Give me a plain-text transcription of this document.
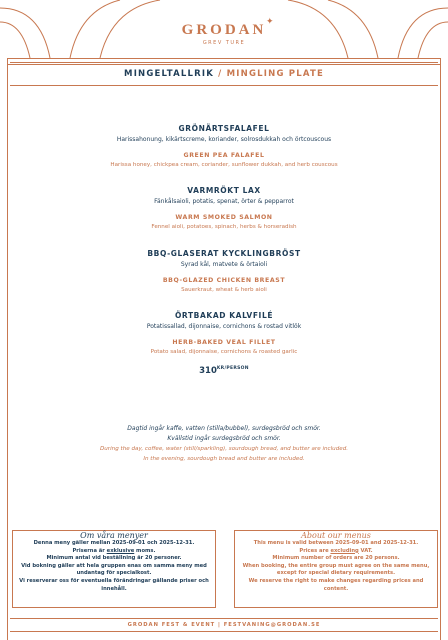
GRODAN ✦
GREV TURE
MINGELTALLRIK / MINGLING PLATE
GRÖNÄRTSFALAFEL
Harissahonung, kikärtscreme, koriander, solrosdukkah och örtcouscous
GREEN PEA FALAFEL
Harissa honey, chickpea cream, coriander, sunflower dukkah, and herb couscous
VARMRÖKT LAX
Fänkålsaioli, potatis, spenat, örter & pepparrot
WARM SMOKED SALMON
Fennel aioli, potatoes, spinach, herbs & horseradish
BBQ-GLASERAT KYCKLINGBRÖST
Syrad kål, matvete & örtaioli
BBQ-GLAZED CHICKEN BREAST
Sauerkraut, wheat & herb aioli
ÖRTBAKAD KALVFILÉ
Potatissallad, dijonnaise, cornichons & rostad vitlök
HERB-BAKED VEAL FILLET
Potato salad, dijonnaise, cornichons & roasted garlic
$310^{KR/PERSON}$
Dagtid ingår kaffe, vatten (stilla/bubbel), surdegsbröd och smör.
Kvällstid ingår surdegsbröd och smör.
During the day, coffee, water (still/sparkling), sourdough bread, and butter are included.
In the evening, sourdough bread and butter are included.
Om våra menyer
Denna meny gäller mellan 2025-09-01 och 2025-12-31.
Priserna är exklusive moms.
Minimum antal vid beställning är 20 personer.
Vid bokning gäller att hela gruppen enas om samma meny med undantag för specialkost.
Vi reserverar oss för eventuella förändringar gällande priser och innehåll.
About our menus
This menu is valid between 2025-09-01 and 2025-12-31.
Prices are excluding VAT.
Minimum number of orders are 20 persons.
When booking, the entire group must agree on the same menu, except for special dietary requirements.
We reserve the right to make changes regarding prices and content.
GRODAN FEST & EVENT | FESTVANING@GRODAN.SE
